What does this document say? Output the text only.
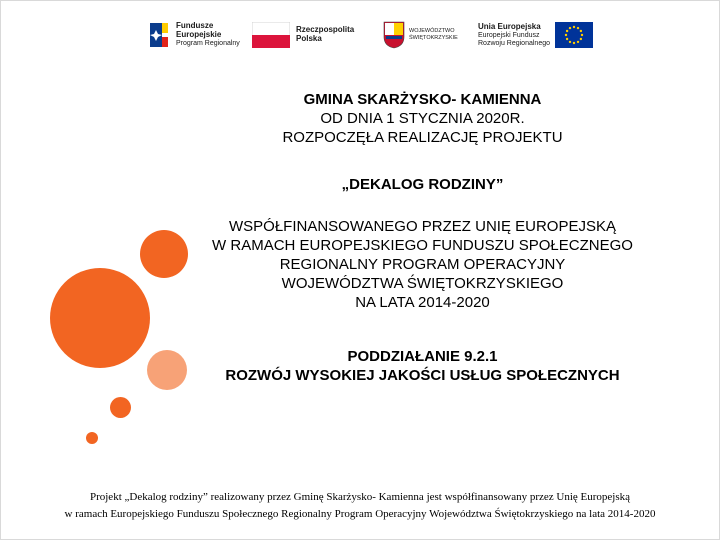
Fundusze
Europejskie
Program Regionalny
Rzeczpospolita
Polska
WOJEWÓDZTWO
ŚWIĘTOKRZYSKIE
Unia Europejska
Europejski Fundusz
Rozwoju Regionalnego
GMINA SKARŻYSKO- KAMIENNA
OD DNIA 1 STYCZNIA 2020R.
ROZPOCZĘŁA REALIZACJĘ PROJEKTU
„DEKALOG RODZINY”
WSPÓŁFINANSOWANEGO PRZEZ UNIĘ EUROPEJSKĄ
W RAMACH EUROPEJSKIEGO FUNDUSZU SPOŁECZNEGO
REGIONALNY PROGRAM OPERACYJNY
WOJEWÓDZTWA ŚWIĘTOKRZYSKIEGO
NA LATA 2014-2020
PODDZIAŁANIE 9.2.1
ROZWÓJ WYSOKIEJ JAKOŚCI USŁUG SPOŁECZNYCH
Projekt „Dekalog rodziny” realizowany przez Gminę Skarżysko- Kamienna jest współfinansowany przez Unię Europejską
w ramach Europejskiego Funduszu Społecznego Regionalny Program Operacyjny Województwa Świętokrzyskiego na lata 2014-2020
